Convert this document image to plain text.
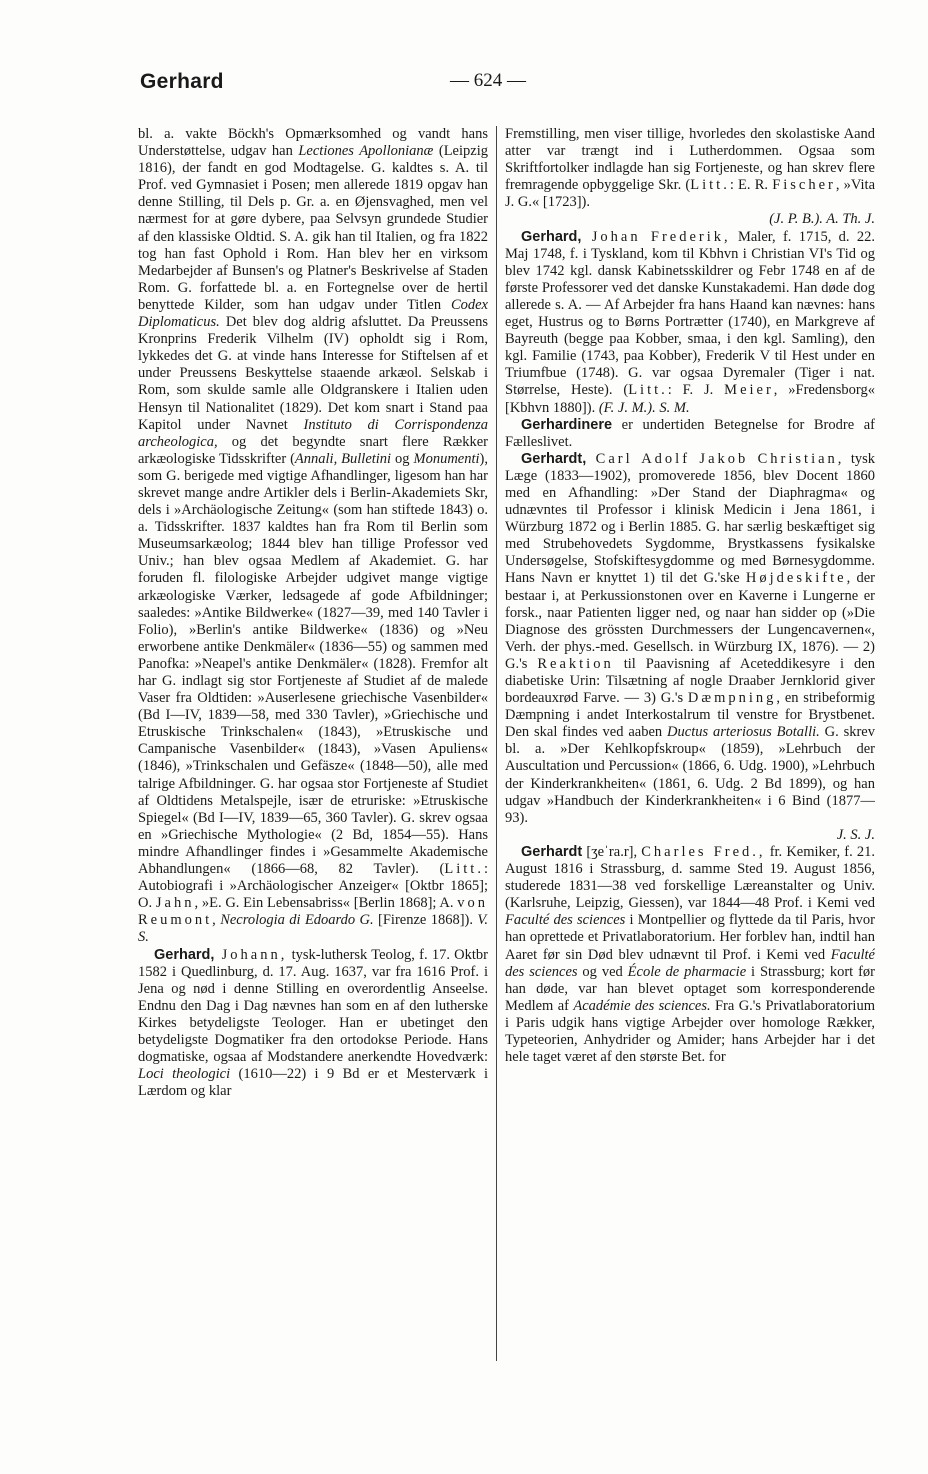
Gerhard	— 624 —

bl. a. vakte Böckh's Opmærksomhed og vandt hans Understøttelse, udgav han Lectiones Apollonianæ (Leipzig 1816), der fandt en god Modtagelse. G. kaldtes s. A. til Prof. ved Gymnasiet i Posen; men allerede 1819 opgav han denne Stilling, til Dels p. Gr. a. en Øjensvaghed, men vel nærmest for at gøre dybere, paa Selvsyn grundede Studier af den klassiske Oldtid. S. A. gik han til Italien, og fra 1822 tog han fast Ophold i Rom. Han blev her en virksom Medarbejder af Bunsen's og Platner's Beskrivelse af Staden Rom. G. forfattede bl. a. en Fortegnelse over de hertil benyttede Kilder, som han udgav under Titlen Codex Diplomaticus. Det blev dog aldrig afsluttet. Da Preussens Kronprins Frederik Vilhelm (IV) opholdt sig i Rom, lykkedes det G. at vinde hans Interesse for Stiftelsen af et under Preussens Beskyttelse staaende arkæol. Selskab i Rom, som skulde samle alle Oldgranskere i Italien uden Hensyn til Nationalitet (1829). Det kom snart i Stand paa Kapitol under Navnet Instituto di Corrispondenza archeologica, og det begyndte snart flere Rækker arkæologiske Tidsskrifter (Annali, Bulletini og Monumenti), som G. berigede med vigtige Afhandlinger, ligesom han har skrevet mange andre Artikler dels i Berlin-Akademiets Skr, dels i »Archäologische Zeitung« (som han stiftede 1843) o. a. Tidsskrifter. 1837 kaldtes han fra Rom til Berlin som Museumsarkæolog; 1844 blev han tillige Professor ved Univ.; han blev ogsaa Medlem af Akademiet. G. har foruden fl. filologiske Arbejder udgivet mange vigtige arkæologiske Værker, ledsagede af gode Afbildninger; saaledes: »Antike Bildwerke« (1827—39, med 140 Tavler i Folio), »Berlin's antike Bildwerke« (1836) og »Neu erworbene antike Denkmäler« (1836—55) og sammen med Panofka: »Neapel's antike Denkmäler« (1828). Fremfor alt har G. indlagt sig stor Fortjeneste af Studiet af de malede Vaser fra Oldtiden: »Auserlesene griechische Vasenbilder« (Bd I—IV, 1839—58, med 330 Tavler), »Griechische und Etruskische Trinkschalen« (1843), »Etruskische und Campanische Vasenbilder« (1843), »Vasen Apuliens« (1846), »Trinkschalen und Gefäsze« (1848—50), alle med talrige Afbildninger. G. har ogsaa stor Fortjeneste af Studiet af Oldtidens Metalspejle, især de etruriske: »Etruskische Spiegel« (Bd I—IV, 1839—65, 360 Tavler). G. skrev ogsaa en »Griechische Mythologie« (2 Bd, 1854—55). Hans mindre Afhandlinger findes i »Gesammelte Akademische Abhandlungen« (1866—68, 82 Tavler). (Litt.: Autobiografi i »Archäologischer Anzeiger« [Oktbr 1865]; O. Jahn, »E. G. Ein Lebensabriss« [Berlin 1868]; A. von Reumont, Necrologia di Edoardo G. [Firenze 1868]). V. S.

Gerhard, Johann, tysk-luthersk Teolog, f. 17. Oktbr 1582 i Quedlinburg, d. 17. Aug. 1637, var fra 1616 Prof. i Jena og nød i denne Stilling en overordentlig Anseelse. Endnu den Dag i Dag nævnes han som en af den lutherske Kirkes betydeligste Teologer. Han er ubetinget den betydeligste Dogmatiker fra den ortodokse Periode. Hans dogmatiske, ogsaa af Modstandere anerkendte Hovedværk: Loci theologici (1610—22) i 9 Bd er et Mesterværk i Lærdom og klar

Fremstilling, men viser tillige, hvorledes den skolastiske Aand atter var trængt ind i Lutherdommen. Ogsaa som Skriftfortolker indlagde han sig Fortjeneste, og han skrev flere fremragende opbyggelige Skr. (Litt.: E. R. Fischer, »Vita J. G.« [1723]).

(J. P. B.). A. Th. J.

Gerhard, Johan Frederik, Maler, f. 1715, d. 22. Maj 1748, f. i Tyskland, kom til Kbhvn i Christian VI's Tid og blev 1742 kgl. dansk Kabinetsskildrer og Febr 1748 en af de første Professorer ved det danske Kunstakademi. Han døde dog allerede s. A. — Af Arbejder fra hans Haand kan nævnes: hans eget, Hustrus og to Børns Portrætter (1740), en Markgreve af Bayreuth (begge paa Kobber, smaa, i den kgl. Samling), den kgl. Familie (1743, paa Kobber), Frederik V til Hest under en Triumfbue (1748). G. var ogsaa Dyremaler (Tiger i nat. Størrelse, Heste). (Litt.: F. J. Meier, »Fredensborg« [Kbhvn 1880]). (F. J. M.). S. M.

Gerhardinere er undertiden Betegnelse for Brodre af Fælleslivet.

Gerhardt, Carl Adolf Jakob Christian, tysk Læge (1833—1902), promoverede 1856, blev Docent 1860 med en Afhandling: »Der Stand der Diaphragma« og udnævntes til Professor i klinisk Medicin i Jena 1861, i Würzburg 1872 og i Berlin 1885. G. har særlig beskæftiget sig med Strubehovedets Sygdomme, Brystkassens fysikalske Undersøgelse, Stofskiftesygdomme og med Børnesygdomme. Hans Navn er knyttet 1) til det G.'ske Højdeskifte, der bestaar i, at Perkussionstonen over en Kaverne i Lungerne er forsk., naar Patienten ligger ned, og naar han sidder op (»Die Diagnose des grössten Durchmessers der Lungencavernen«, Verh. der phys.-med. Gesellsch. in Würzburg IX, 1876). — 2) G.'s Reaktion til Paavisning af Aceteddikesyre i den diabetiske Urin: Tilsætning af nogle Draaber Jernklorid giver bordeauxrød Farve. — 3) G.'s Dæmpning, en stribeformig Dæmpning i andet Interkostalrum til venstre for Brystbenet. Den skal findes ved aaben Ductus arteriosus Botalli. G. skrev bl. a. »Der Kehlkopfskroup« (1859), »Lehrbuch der Auscultation und Percussion« (1866, 6. Udg. 1900), »Lehrbuch der Kinderkrankheiten« (1861, 6. Udg. 2 Bd 1899), og han udgav »Handbuch der Kinderkrankheiten« i 6 Bind (1877—93).

J. S. J.

Gerhardt [ʒeˈra.r], Charles Fred., fr. Kemiker, f. 21. August 1816 i Strassburg, d. samme Sted 19. August 1856, studerede 1831—38 ved forskellige Læreanstalter og Univ. (Karlsruhe, Leipzig, Giessen), var 1844—48 Prof. i Kemi ved Faculté des sciences i Montpellier og flyttede da til Paris, hvor han oprettede et Privatlaboratorium. Her forblev han, indtil han Aaret før sin Død blev udnævnt til Prof. i Kemi ved Faculté des sciences og ved École de pharmacie i Strassburg; kort før han døde, var han blevet optaget som korresponderende Medlem af Académie des sciences. Fra G.'s Privatlaboratorium i Paris udgik hans vigtige Arbejder over homologe Rækker, Typeteorien, Anhydrider og Amider; hans Arbejder har i det hele taget været af den største Bet. for
